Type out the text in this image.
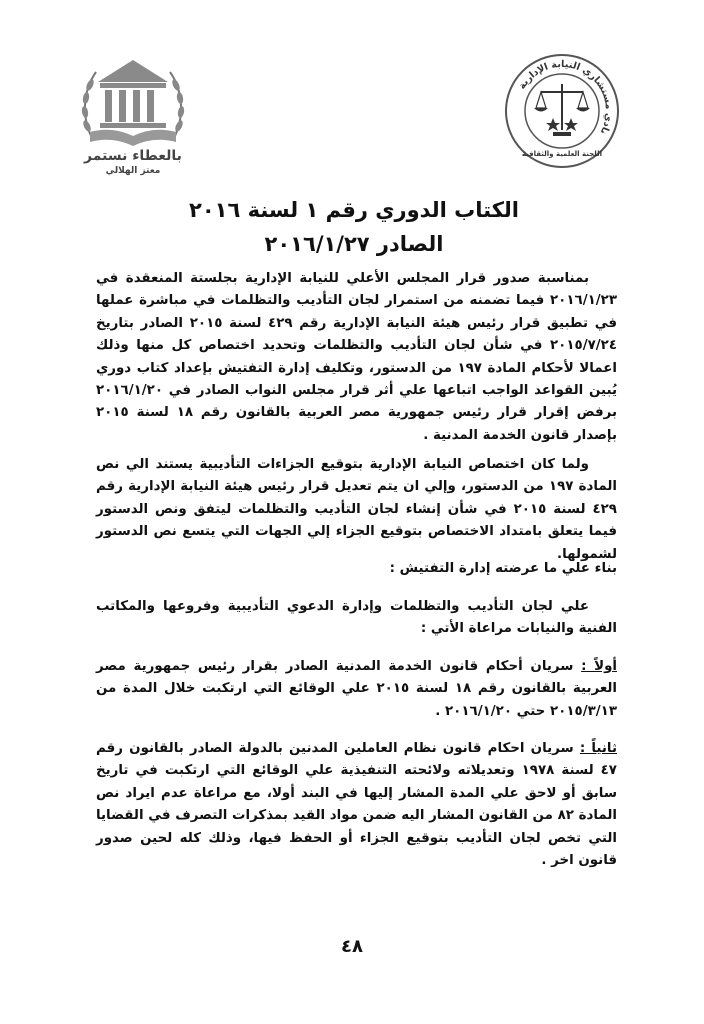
بالعطاء نستمر
معتز الهلالي
نادي مستشاري النيابة الإدارية
اللجنة العلمية والثقافية
الكتاب الدوري رقم ١ لسنة ٢٠١٦
الصادر ٢٠١٦/١/٢٧
بمناسبة صدور قرار المجلس الأعلي للنيابة الإدارية بجلستة المنعقدة في ٢٠١٦/١/٢٣ فيما تضمنه من استمرار لجان التأديب والتظلمات في مباشرة عملها في تطبيق قرار رئيس هيئة النيابة الإدارية رقم ٤٢٩ لسنة ٢٠١٥ الصادر بتاريخ ٢٠١٥/٧/٢٤ في شأن لجان التأديب والتظلمات وتحديد اختصاص كل منها وذلك اعمالا لأحكام المادة ١٩٧ من الدستور، وتكليف إدارة التفتيش بإعداد كتاب دوري يُبين القواعد الواجب اتباعها علي أثر قرار مجلس النواب الصادر في ٢٠١٦/١/٢٠ برفض إقرار قرار رئيس جمهورية مصر العربية بالقانون رقم ١٨ لسنة ٢٠١٥ بإصدار قانون الخدمة المدنية .
ولما كان اختصاص النيابة الإدارية بتوقيع الجزاءات التأديبية يستند الي نص المادة ١٩٧ من الدستور، وإلي ان يتم تعديل قرار رئيس هيئة النيابة الإدارية رقم ٤٢٩ لسنة ٢٠١٥ في شأن إنشاء لجان التأديب والتظلمات ليتفق ونص الدستور فيما يتعلق بامتداد الاختصاص بتوقيع الجزاء إلي الجهات التي يتسع نص الدستور لشمولها.
بناء علي ما عرضته إدارة التفتيش :
علي لجان التأديب والتظلمات وإدارة الدعوي التأديبية وفروعها والمكاتب الفنية والنيابات مراعاة الأتي :
أولاً : سريان أحكام قانون الخدمة المدنية الصادر بقرار رئيس جمهورية مصر العربية بالقانون رقم ١٨ لسنة ٢٠١٥ علي الوقائع التي ارتكبت خلال المدة من ٢٠١٥/٣/١٣ حتي ٢٠١٦/١/٢٠ .
ثانياً : سريان احكام قانون نظام العاملين المدنين بالدولة الصادر بالقانون رقم ٤٧ لسنة ١٩٧٨ وتعديلاته ولائحته التنفيذية علي الوقائع التي ارتكبت في تاريخ سابق أو لاحق علي المدة المشار إليها في البند أولا، مع مراعاة عدم ايراد نص المادة ٨٢ من القانون المشار اليه ضمن مواد القيد بمذكرات التصرف في القضايا التي تخص لجان التأديب بتوقيع الجزاء أو الحفظ فيها، وذلك كله لحين صدور قانون اخر .
٤٨
